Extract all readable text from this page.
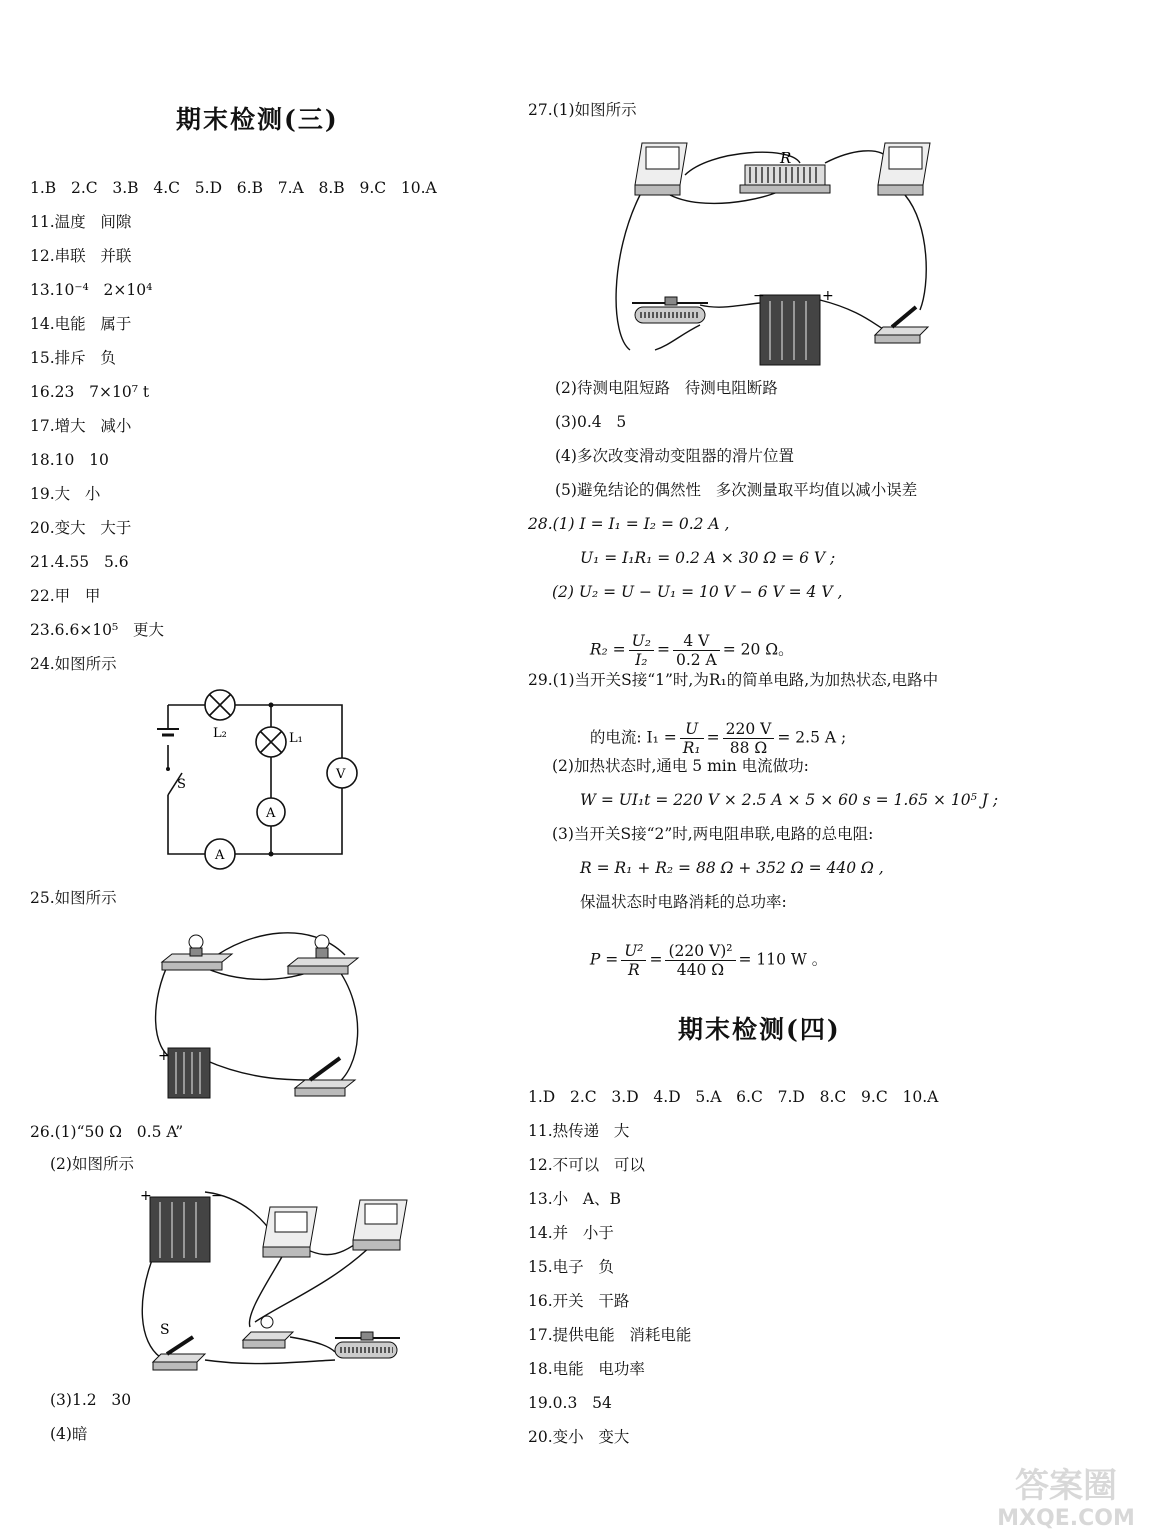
期末检测(三)
1.B   2.C   3.B   4.C   5.D   6.B   7.A   8.B   9.C   10.A
11.温度   间隙
12.串联   并联
13.10⁻⁴   2×10⁴
14.电能   属于
15.排斥   负
16.23   7×10⁷ t
17.增大   减小
18.10   10
19.大   小
20.变大   大于
21.4.55   5.6
22.甲   甲
23.6.6×10⁵   更大
24.如图所示
L₂	L₁
V
A
A
S
25.如图所示
+
26.(1)“50 Ω   0.5 A”
(2)如图所示
+	−
S
(3)1.2   30
(4)暗
27.(1)如图所示
R
−	+
(2)待测电阻短路   待测电阻断路
(3)0.4   5
(4)多次改变滑动变阻器的滑片位置
(5)避免结论的偶然性   多次测量取平均值以减小误差
28.(1) I = I₁ = I₂ = 0.2 A ,
U₁ = I₁R₁ = 0.2 A × 30 Ω = 6 V ;
(2) U₂ = U − U₁ = 10 V − 6 V = 4 V ,

$R_2 = \frac{\text{U₂}}{\text{I₂}} = \frac{4 V}{0.2 A} = 20$ Ω。

29.(1)当开关S接“1”时,为R₁的简单电路,为加热状态,电路中

的电流: $I_1 = \frac{U}{\text{R₁}} = \frac{220 V}{88 \Omega} = 2.5$ A ;

(2)加热状态时,通电 5 min 电流做功:
W = UI₁t = 220 V × 2.5 A × 5 × 60 s = 1.65 × 10⁵ J ;
(3)当开关S接“2”时,两电阻串联,电路的总电阻:
R = R₁ + R₂ = 88 Ω + 352 Ω = 440 Ω ,
保温状态时电路消耗的总功率:

$P = \frac{\text{U²}}{R} = \frac{\text{(220 V)²}}{440 \Omega} = 110$ W 。

期末检测(四)
1.D   2.C   3.D   4.D   5.A   6.C   7.D   8.C   9.C   10.A
11.热传递   大
12.不可以   可以
13.小   A、B
14.并   小于
15.电子   负
16.开关   干路
17.提供电能   消耗电能
18.电能   电功率
19.0.3   54
20.变小   变大
答案圈
MXQE.COM
